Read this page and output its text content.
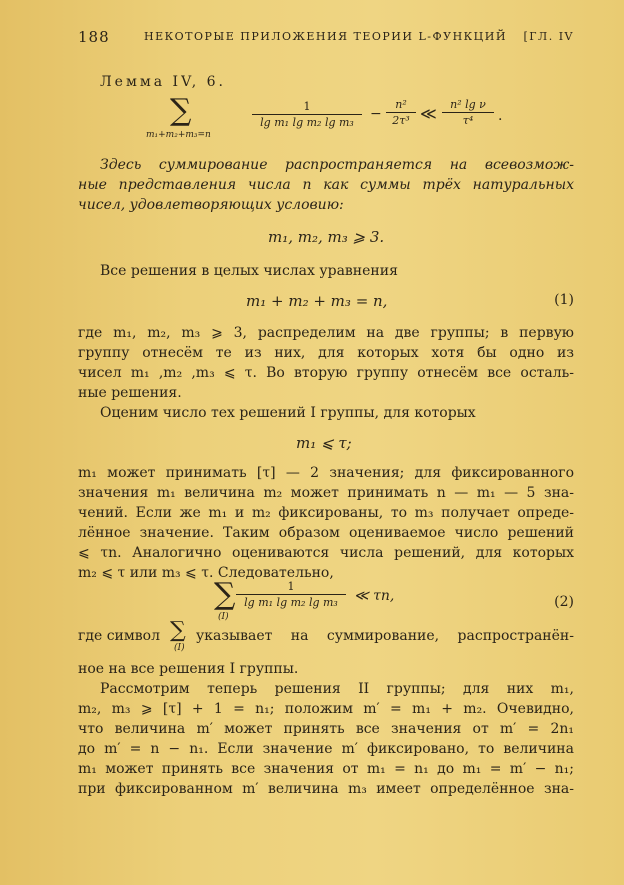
188	НЕКОТОРЫЕ ПРИЛОЖЕНИЯ ТЕОРИИ L-ФУНКЦИЙ [ГЛ. IV
Лемма IV, 6.
∑
m₁+m₂+m₃=n
$\frac{1}{\text{lg m₁ lg m₂ lg m₃}} - \frac{\text{n²}}{\text{2τ³}}$ ≪ $\frac{\text{n² lg ν}}{\text{τ⁴}}$ .
Здесь суммирование распространяется на всевозмож-
ные представления числа n как суммы трёх натуральных
чисел, удовлетворяющих условию:
m₁, m₂, m₃ ⩾ 3.
Все решения в целых числах уравнения
m₁ + m₂ + m₃ = n,	(1)
где m₁, m₂, m₃ ⩾ 3, распределим на две группы; в первую
группу отнесём те из них, для которых хотя бы одно из
чисел m₁ ,m₂ ,m₃ ⩽ τ. Во вторую группу отнесём все осталь-
ные решения.
Оценим число тех решений I группы, для которых
m₁ ⩽ τ;
m₁ может принимать [τ] — 2 значения; для фиксированного
значения m₁ величина m₂ может принимать n — m₁ — 5 зна-
чений. Если же m₁ и m₂ фиксированы, то m₃ получает опреде-
лённое значение. Таким образом оцениваемое число решений
⩽ τn. Аналогично оцениваются числа решений, для которых
m₂ ⩽ τ или m₃ ⩽ τ. Следовательно,
∑
(I)
$\frac{1}{\text{lg m₁ lg m₂ lg m₃}}$ ≪ τn,	(2)
где символ ∑
(I)
указывает на суммирование, распространён-
ное на все решения I группы.
Рассмотрим теперь решения II группы; для них m₁,
m₂, m₃ ⩾ [τ] + 1 = n₁; положим m′ = m₁ + m₂. Очевидно,
что величина m′ может принять все значения от m′ = 2n₁
до m′ = n − n₁. Если значение m′ фиксировано, то величина
m₁ может принять все значения от m₁ = n₁ до m₁ = m′ − n₁;
при фиксированном m′ величина m₃ имеет определённое зна-
